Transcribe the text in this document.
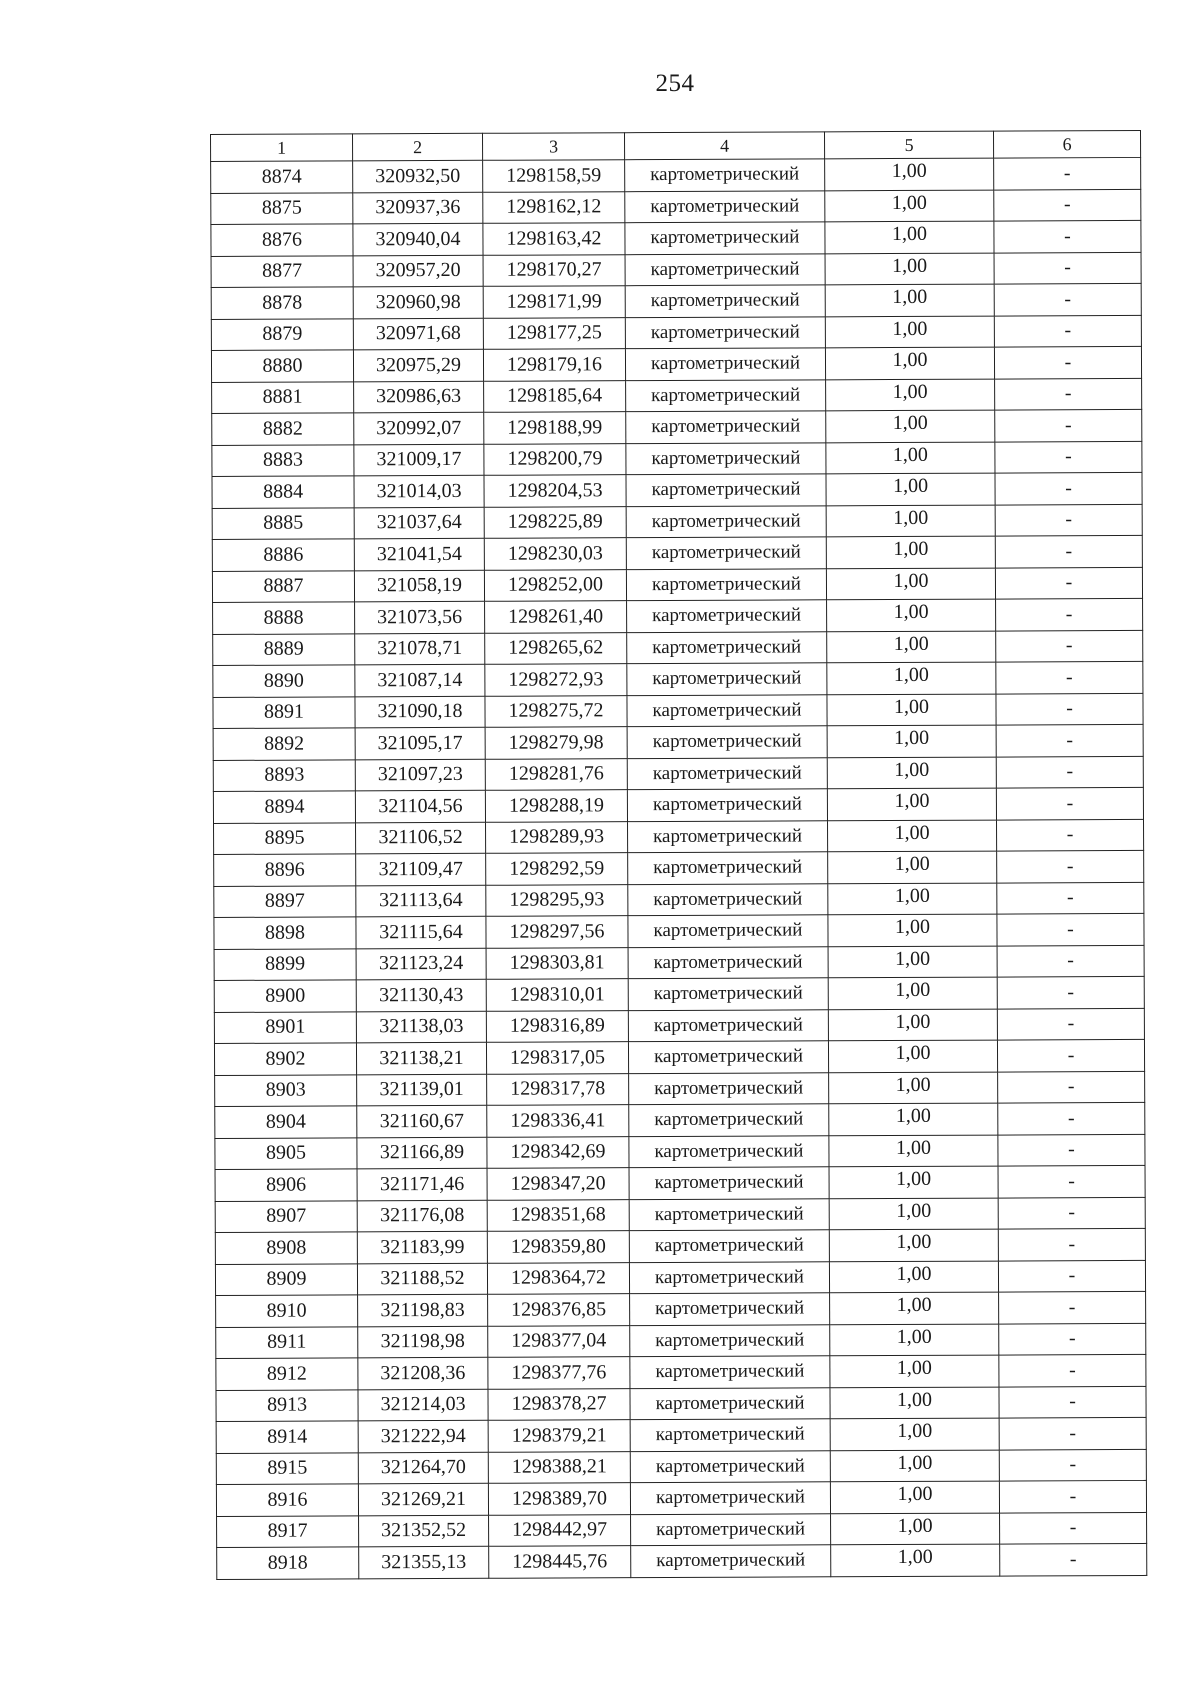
254
1	2	3	4	5	6
8874	320932,50	1298158,59	картометрический	1,00	-
8875	320937,36	1298162,12	картометрический	1,00	-
8876	320940,04	1298163,42	картометрический	1,00	-
8877	320957,20	1298170,27	картометрический	1,00	-
8878	320960,98	1298171,99	картометрический	1,00	-
8879	320971,68	1298177,25	картометрический	1,00	-
8880	320975,29	1298179,16	картометрический	1,00	-
8881	320986,63	1298185,64	картометрический	1,00	-
8882	320992,07	1298188,99	картометрический	1,00	-
8883	321009,17	1298200,79	картометрический	1,00	-
8884	321014,03	1298204,53	картометрический	1,00	-
8885	321037,64	1298225,89	картометрический	1,00	-
8886	321041,54	1298230,03	картометрический	1,00	-
8887	321058,19	1298252,00	картометрический	1,00	-
8888	321073,56	1298261,40	картометрический	1,00	-
8889	321078,71	1298265,62	картометрический	1,00	-
8890	321087,14	1298272,93	картометрический	1,00	-
8891	321090,18	1298275,72	картометрический	1,00	-
8892	321095,17	1298279,98	картометрический	1,00	-
8893	321097,23	1298281,76	картометрический	1,00	-
8894	321104,56	1298288,19	картометрический	1,00	-
8895	321106,52	1298289,93	картометрический	1,00	-
8896	321109,47	1298292,59	картометрический	1,00	-
8897	321113,64	1298295,93	картометрический	1,00	-
8898	321115,64	1298297,56	картометрический	1,00	-
8899	321123,24	1298303,81	картометрический	1,00	-
8900	321130,43	1298310,01	картометрический	1,00	-
8901	321138,03	1298316,89	картометрический	1,00	-
8902	321138,21	1298317,05	картометрический	1,00	-
8903	321139,01	1298317,78	картометрический	1,00	-
8904	321160,67	1298336,41	картометрический	1,00	-
8905	321166,89	1298342,69	картометрический	1,00	-
8906	321171,46	1298347,20	картометрический	1,00	-
8907	321176,08	1298351,68	картометрический	1,00	-
8908	321183,99	1298359,80	картометрический	1,00	-
8909	321188,52	1298364,72	картометрический	1,00	-
8910	321198,83	1298376,85	картометрический	1,00	-
8911	321198,98	1298377,04	картометрический	1,00	-
8912	321208,36	1298377,76	картометрический	1,00	-
8913	321214,03	1298378,27	картометрический	1,00	-
8914	321222,94	1298379,21	картометрический	1,00	-
8915	321264,70	1298388,21	картометрический	1,00	-
8916	321269,21	1298389,70	картометрический	1,00	-
8917	321352,52	1298442,97	картометрический	1,00	-
8918	321355,13	1298445,76	картометрический	1,00	-
